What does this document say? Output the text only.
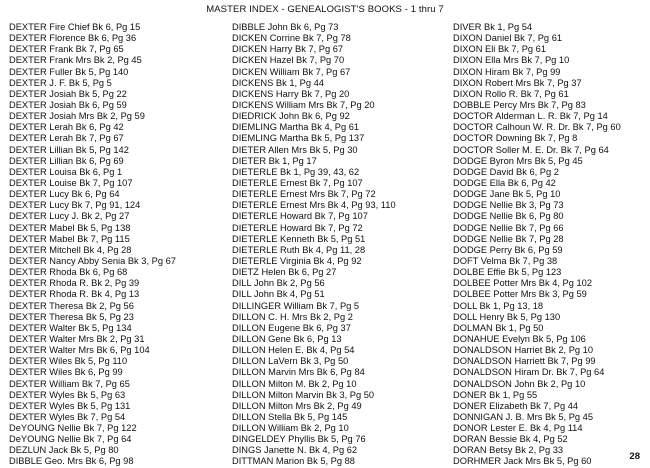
MASTER INDEX - GENEALOGIST'S BOOKS - 1 thru 7
DEXTER Fire Chief Bk 6, Pg 15
DEXTER Florence Bk 6, Pg 36
DEXTER Frank Bk 7, Pg 65
DEXTER Frank Mrs Bk 2, Pg 45
DEXTER Fuller Bk 5, Pg 140
DEXTER J. F. Bk 5, Pg 5
DEXTER Josiah Bk 5, Pg 22
DEXTER Josiah Bk 6, Pg 59
DEXTER Josiah Mrs Bk 2, Pg 59
DEXTER Lerah Bk 6, Pg 42
DEXTER Lerah Bk 7, Pg 67
DEXTER Lillian Bk 5, Pg 142
DEXTER Lillian Bk 6, Pg 69
DEXTER Louisa Bk 6, Pg 1
DEXTER Louise Bk 7, Pg 107
DEXTER Lucy Bk 6, Pg 64
DEXTER Lucy Bk 7, Pg 91, 124
DEXTER Lucy J. Bk 2, Pg 27
DEXTER Mabel Bk 5, Pg 138
DEXTER Mabel Bk 7, Pg 115
DEXTER Mitchell Bk 4, Pg 28
DEXTER Nancy Abby Senia Bk 3, Pg 67
DEXTER Rhoda Bk 6, Pg 68
DEXTER Rhoda R. Bk 2, Pg 39
DEXTER Rhoda R. Bk 4, Pg 13
DEXTER Theresa Bk 2, Pg 56
DEXTER Theresa Bk 5, Pg 23
DEXTER Walter Bk 5, Pg 134
DEXTER Walter Mrs Bk 2, Pg 31
DEXTER Walter Mrs Bk 6, Pg 104
DEXTER Wiles Bk 5, Pg 110
DEXTER Wiles Bk 6, Pg 99
DEXTER William Bk 7, Pg 65
DEXTER Wyles Bk 5, Pg 63
DEXTER Wyles Bk 5, Pg 131
DEXTER Wyles Bk 7, Pg 54
DeYOUNG Nellie Bk 7, Pg 122
DeYOUNG Nellie Bk 7, Pg 64
DEZLUN Jack Bk 5, Pg 80
DIBBLE Geo. Mrs Bk 6, Pg 98
DIBBLE John Bk 6, Pg 73
DICKEN Corrine Bk 7, Pg 78
DICKEN Harry Bk 7, Pg 67
DICKEN Hazel Bk 7, Pg 70
DICKEN William Bk 7, Pg 67
DICKENS Bk 1, Pg 44
DICKENS Harry Bk 7, Pg 20
DICKENS William Mrs Bk 7, Pg 20
DIEDRICK John Bk 6, Pg 92
DIEMLING Martha Bk 4, Pg 61
DIEMLING Martha Bk 5, Pg 137
DIETER Allen Mrs Bk 5, Pg 30
DIETER Bk 1, Pg 17
DIETERLE Bk 1, Pg 39, 43, 62
DIETERLE Ernest Bk 7, Pg 107
DIETERLE Ernest Mrs Bk 7, Pg 72
DIETERLE Ernest Mrs Bk 4, Pg 93, 110
DIETERLE Howard Bk 7, Pg 107
DIETERLE Howard Bk 7, Pg 72
DIETERLE Kenneth Bk 5, Pg 51
DIETERLE Ruth Bk 4, Pg 11, 28
DIETERLE Virginia Bk 4, Pg 92
DIETZ Helen Bk 6, Pg 27
DILL John Bk 2, Pg 56
DILL John Bk 4, Pg 51
DILLINGER William Bk 7, Pg 5
DILLON C. H. Mrs Bk 2, Pg 2
DILLON Eugene Bk 6, Pg 37
DILLON Gene Bk 6, Pg 13
DILLON Helen E. Bk 4, Pg 54
DILLON LaVern Bk 3, Pg 50
DILLON Marvin Mrs Bk 6, Pg 84
DILLON Milton M. Bk 2, Pg 10
DILLON Milton Marvin Bk 3, Pg 50
DILLON Milton Mrs Bk 2, Pg 49
DILLON Stella Bk 5, Pg 145
DILLON William Bk 2, Pg 10
DINGELDEY Phyllis Bk 5, Pg 76
DINGS Janette N. Bk 4, Pg 62
DITTMAN Marion Bk 5, Pg 88
DIVER Bk 1, Pg 54
DIXON Daniel Bk 7, Pg 61
DIXON Eli Bk 7, Pg 61
DIXON Ella Mrs Bk 7, Pg 10
DIXON Hiram Bk 7, Pg 99
DIXON Robert Mrs Bk 7, Pg 37
DIXON Rollo R. Bk 7, Pg 61
DOBBLE Percy Mrs Bk 7, Pg 83
DOCTOR Alderman L. R. Bk 7, Pg 14
DOCTOR Calhoun W. R. Dr. Bk 7, Pg 60
DOCTOR Downing Bk 7, Pg 8
DOCTOR Soller M. E. Dr. Bk 7, Pg 64
DODGE Byron Mrs Bk 5, Pg 45
DODGE David Bk 6, Pg 2
DODGE Ella Bk 6, Pg 42
DODGE Jane Bk 5, Pg 10
DODGE Nellie Bk 3, Pg 73
DODGE Nellie Bk 6, Pg 80
DODGE Nellie Bk 7, Pg 66
DODGE Nellie Bk 7, Pg 28
DODGE Perry Bk 6, Pg 59
DOFT Velma Bk 7, Pg 38
DOLBE Effie Bk 5, Pg 123
DOLBEE Potter Mrs Bk 4, Pg 102
DOLBEE Potter Mrs Bk 3, Pg 59
DOLL Bk 1, Pg 13, 18
DOLL Henry Bk 5, Pg 130
DOLMAN Bk 1, Pg 50
DONAHUE Evelyn Bk 5, Pg 106
DONALDSON Harriet Bk 2, Pg 10
DONALDSON Harriett Bk 7, Pg 99
DONALDSON Hiram Dr. Bk 7, Pg 64
DONALDSON John Bk 2, Pg 10
DONER Bk 1, Pg 55
DONER Elizabeth Bk 7, Pg 44
DONNIGAN J. B. Mrs Bk 5, Pg 45
DONOR Lester E. Bk 4, Pg 114
DORAN Bessie Bk 4, Pg 52
DORAN Betsy Bk 2, Pg 33
DORHMER Jack Mrs Bk 5, Pg 60	28
